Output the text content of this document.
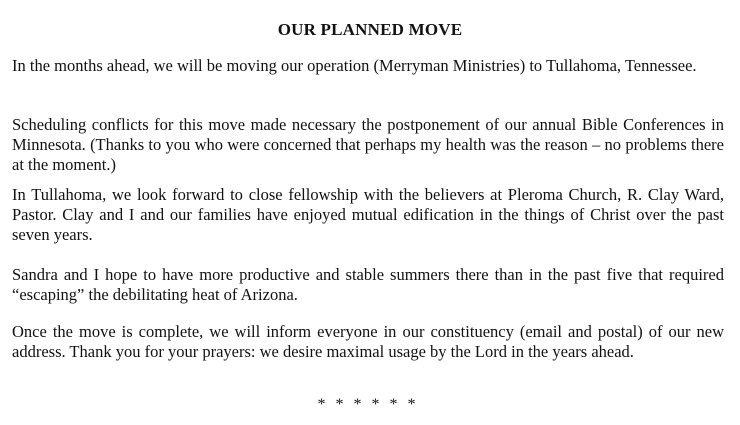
OUR PLANNED MOVE

In the months ahead, we will be moving our operation (Merryman Ministries) to Tullahoma, Tennessee.

Scheduling conflicts for this move made necessary the postponement of our annual Bible Conferences in Minnesota. (Thanks to you who were concerned that perhaps my health was the reason – no problems there at the moment.)

In Tullahoma, we look forward to close fellowship with the believers at Pleroma Church, R. Clay Ward, Pastor. Clay and I and our families have enjoyed mutual edification in the things of Christ over the past seven years.

Sandra and I hope to have more productive and stable summers there than in the past five that required “escaping” the debilitating heat of Arizona.

Once the move is complete, we will inform everyone in our constituency (email and postal) of our new address. Thank you for your prayers: we desire maximal usage by the Lord in the years ahead.

* * * * * *
